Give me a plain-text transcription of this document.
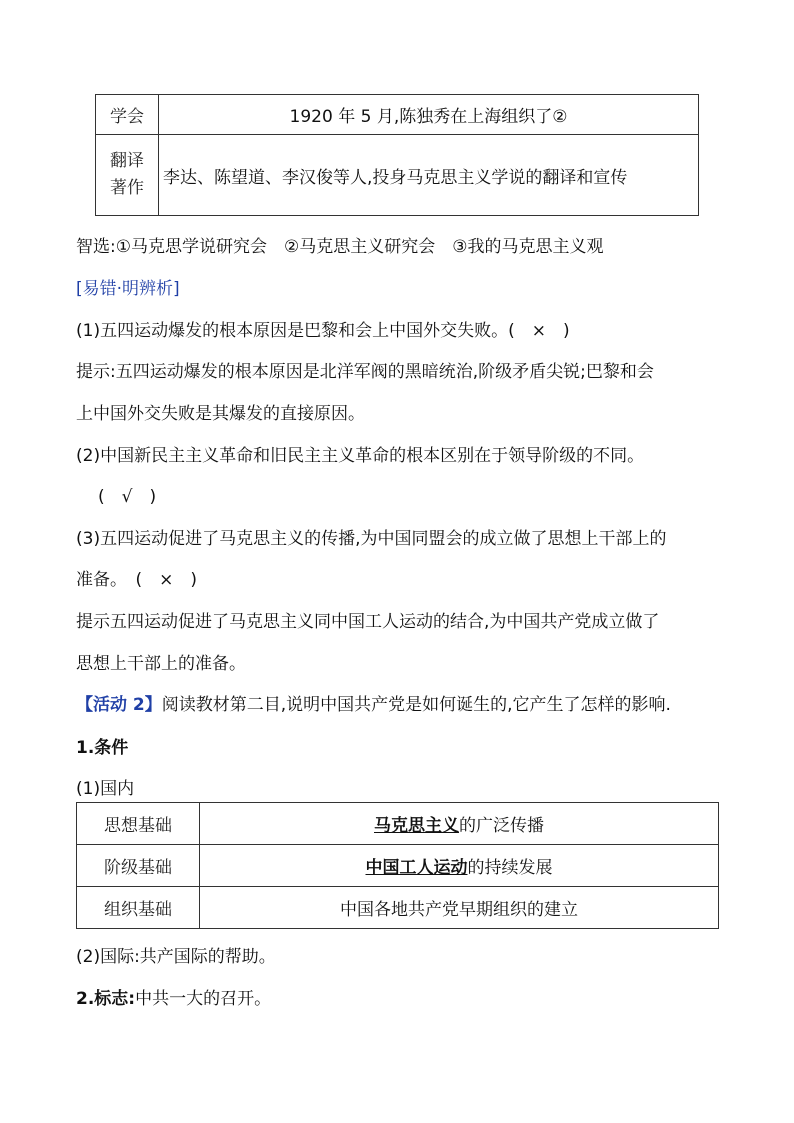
学会	1920 年 5 月,陈独秀在上海组织了②

翻译
著作	李达、陈望道、李汉俊等人,投身马克思主义学说的翻译和宣传
智选:①马克思学说研究会　②马克思主义研究会　③我的马克思主义观
[易错·明辨析]
(1)五四运动爆发的根本原因是巴黎和会上中国外交失败。(　×　)
提示:五四运动爆发的根本原因是北洋军阀的黑暗统治,阶级矛盾尖锐;巴黎和会
上中国外交失败是其爆发的直接原因。
(2)中国新民主主义革命和旧民主主义革命的根本区别在于领导阶级的不同。
(　√　)
(3)五四运动促进了马克思主义的传播,为中国同盟会的成立做了思想上干部上的
准备。　(　×　)
提示五四运动促进了马克思主义同中国工人运动的结合,为中国共产党成立做了
思想上干部上的准备。
【活动 2】阅读教材第二目,说明中国共产党是如何诞生的,它产生了怎样的影响.
1.条件
(1)国内
思想基础	马克思主义的广泛传播
阶级基础	中国工人运动的持续发展
组织基础	中国各地共产党早期组织的建立
(2)国际:共产国际的帮助。
2.标志:中共一大的召开。
